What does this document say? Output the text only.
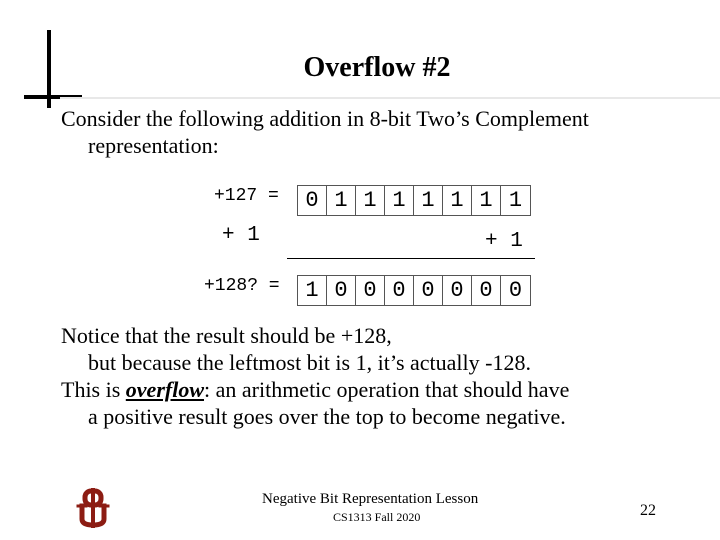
Overflow #2
Consider the following addition in 8-bit Two’s Complement
representation:
+127 =	0 1 1 1 1 1 1 1
+ 1	+ 1
+128? =	1 0 0 0 0 0 0 0
Notice that the result should be +128,
but because the leftmost bit is 1, it’s actually -128.
This is overflow: an arithmetic operation that should have
a positive result goes over the top to become negative.
Negative Bit Representation Lesson
CS1313 Fall 2020	22
